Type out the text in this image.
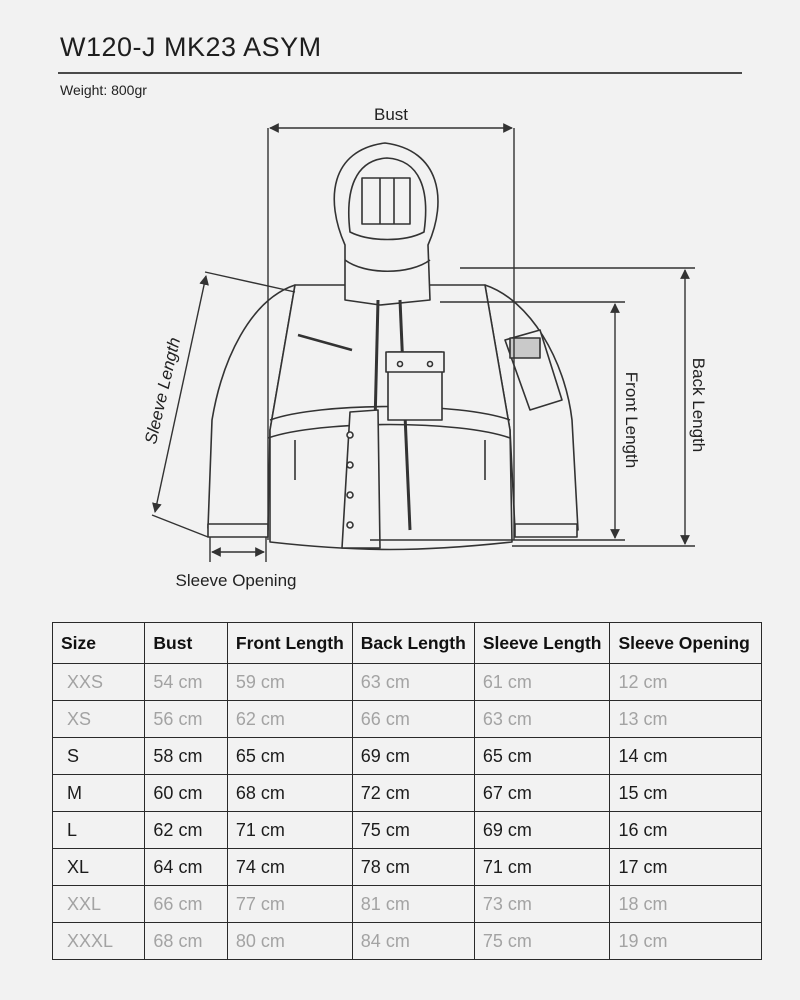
W120-J MK23 ASYM
Weight: 800gr
Bust
Front Length	Back Length
Sleeve Length
Sleeve Opening
Size	Bust	Front Length	Back Length	Sleeve Length	Sleeve Opening
XXS	54 cm	59 cm	63 cm	61 cm	12 cm
XS	56 cm	62 cm	66 cm	63 cm	13 cm
S	58 cm	65 cm	69 cm	65 cm	14 cm
M	60 cm	68 cm	72 cm	67 cm	15 cm
L	62 cm	71 cm	75 cm	69 cm	16 cm
XL	64 cm	74 cm	78 cm	71 cm	17 cm
XXL	66 cm	77 cm	81 cm	73 cm	18 cm
XXXL	68 cm	80 cm	84 cm	75 cm	19 cm
